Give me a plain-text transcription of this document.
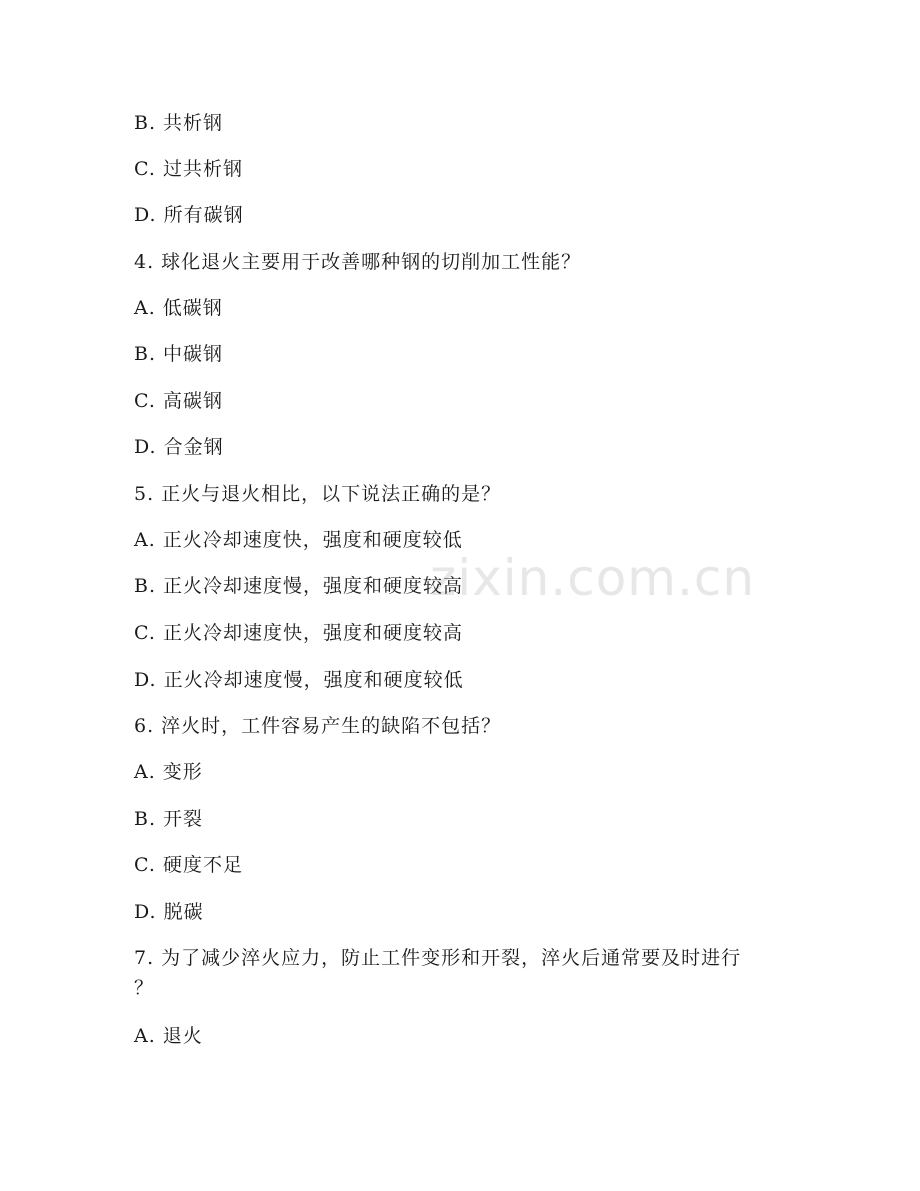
zixin.com.cn
B. 共析钢
C. 过共析钢
D. 所有碳钢
4. 球化退火主要用于改善哪种钢的切削加工性能？
A. 低碳钢
B. 中碳钢
C. 高碳钢
D. 合金钢
5. 正火与退火相比，以下说法正确的是？
A. 正火冷却速度快，强度和硬度较低
B. 正火冷却速度慢，强度和硬度较高
C. 正火冷却速度快，强度和硬度较高
D. 正火冷却速度慢，强度和硬度较低
6. 淬火时，工件容易产生的缺陷不包括？
A. 变形
B. 开裂
C. 硬度不足
D. 脱碳
7. 为了减少淬火应力，防止工件变形和开裂，淬火后通常要及时进行
？
A. 退火
